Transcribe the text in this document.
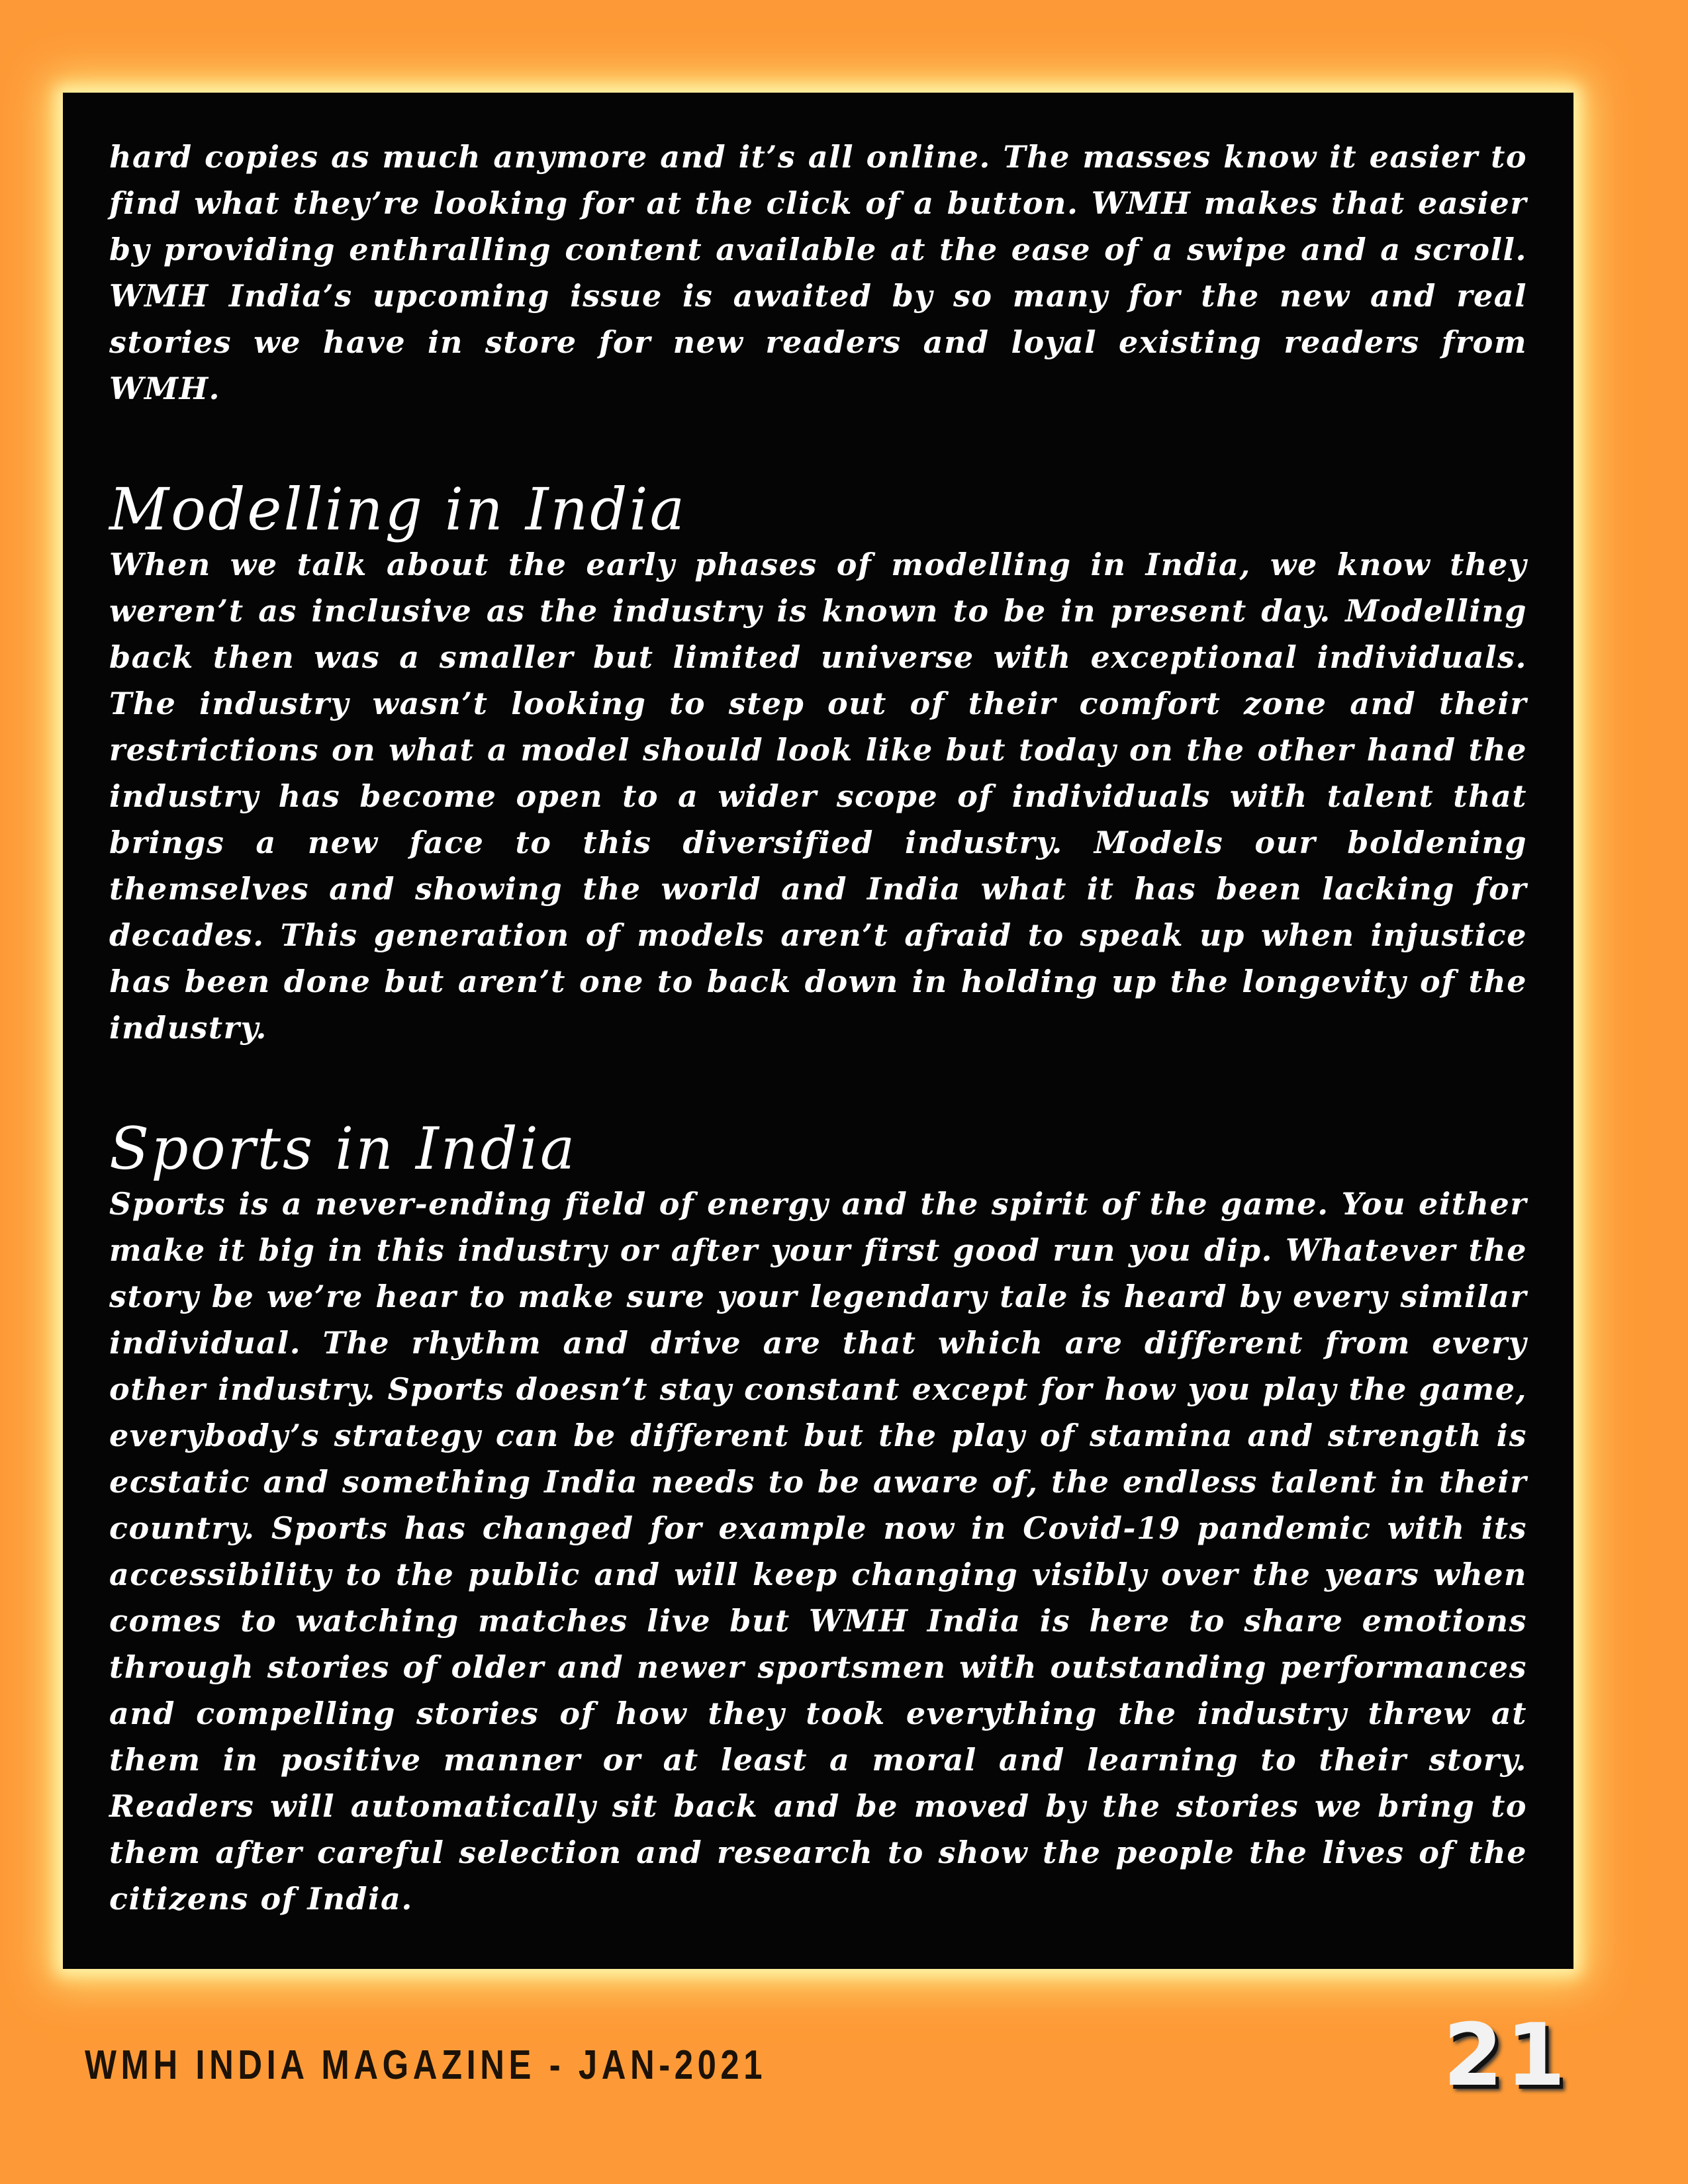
hard copies as much anymore and it’s all online. The masses know it easier to find what they’re looking for at the click of a button. WMH makes that easier by providing enthralling content available at the ease of a swipe and a scroll. WMH India’s upcoming issue is awaited by so many for the new and real stories we have in store for new readers and loyal existing readers from WMH.

Modelling in India

When we talk about the early phases of modelling in India, we know they weren’t as inclusive as the industry is known to be in present day. Modelling back then was a smaller but limited universe with exceptional individuals. The industry wasn’t looking to step out of their comfort zone and their restrictions on what a model should look like but today on the other hand the industry has become open to a wider scope of individuals with talent that brings a new face to this diversified industry. Models our boldening themselves and showing the world and India what it has been lacking for decades. This generation of models aren’t afraid to speak up when injustice has been done but aren’t one to back down in holding up the longevity of the industry.

Sports in India

Sports is a never-ending field of energy and the spirit of the game. You either make it big in this industry or after your first good run you dip. Whatever the story be we’re hear to make sure your legendary tale is heard by every similar individual. The rhythm and drive are that which are different from every other industry. Sports doesn’t stay constant except for how you play the game, everybody’s strategy can be different but the play of stamina and strength is ecstatic and something India needs to be aware of, the endless talent in their country. Sports has changed for example now in Covid-19 pandemic with its accessibility to the public and will keep changing visibly over the years when comes to watching matches live but WMH India is here to share emotions through stories of older and newer sportsmen with outstanding performances and compelling stories of how they took everything the industry threw at them in positive manner or at least a moral and learning to their story. Readers will automatically sit back and be moved by the stories we bring to them after careful selection and research to show the people the lives of the citizens of India.

WMH INDIA MAGAZINE - JAN-2021	21
